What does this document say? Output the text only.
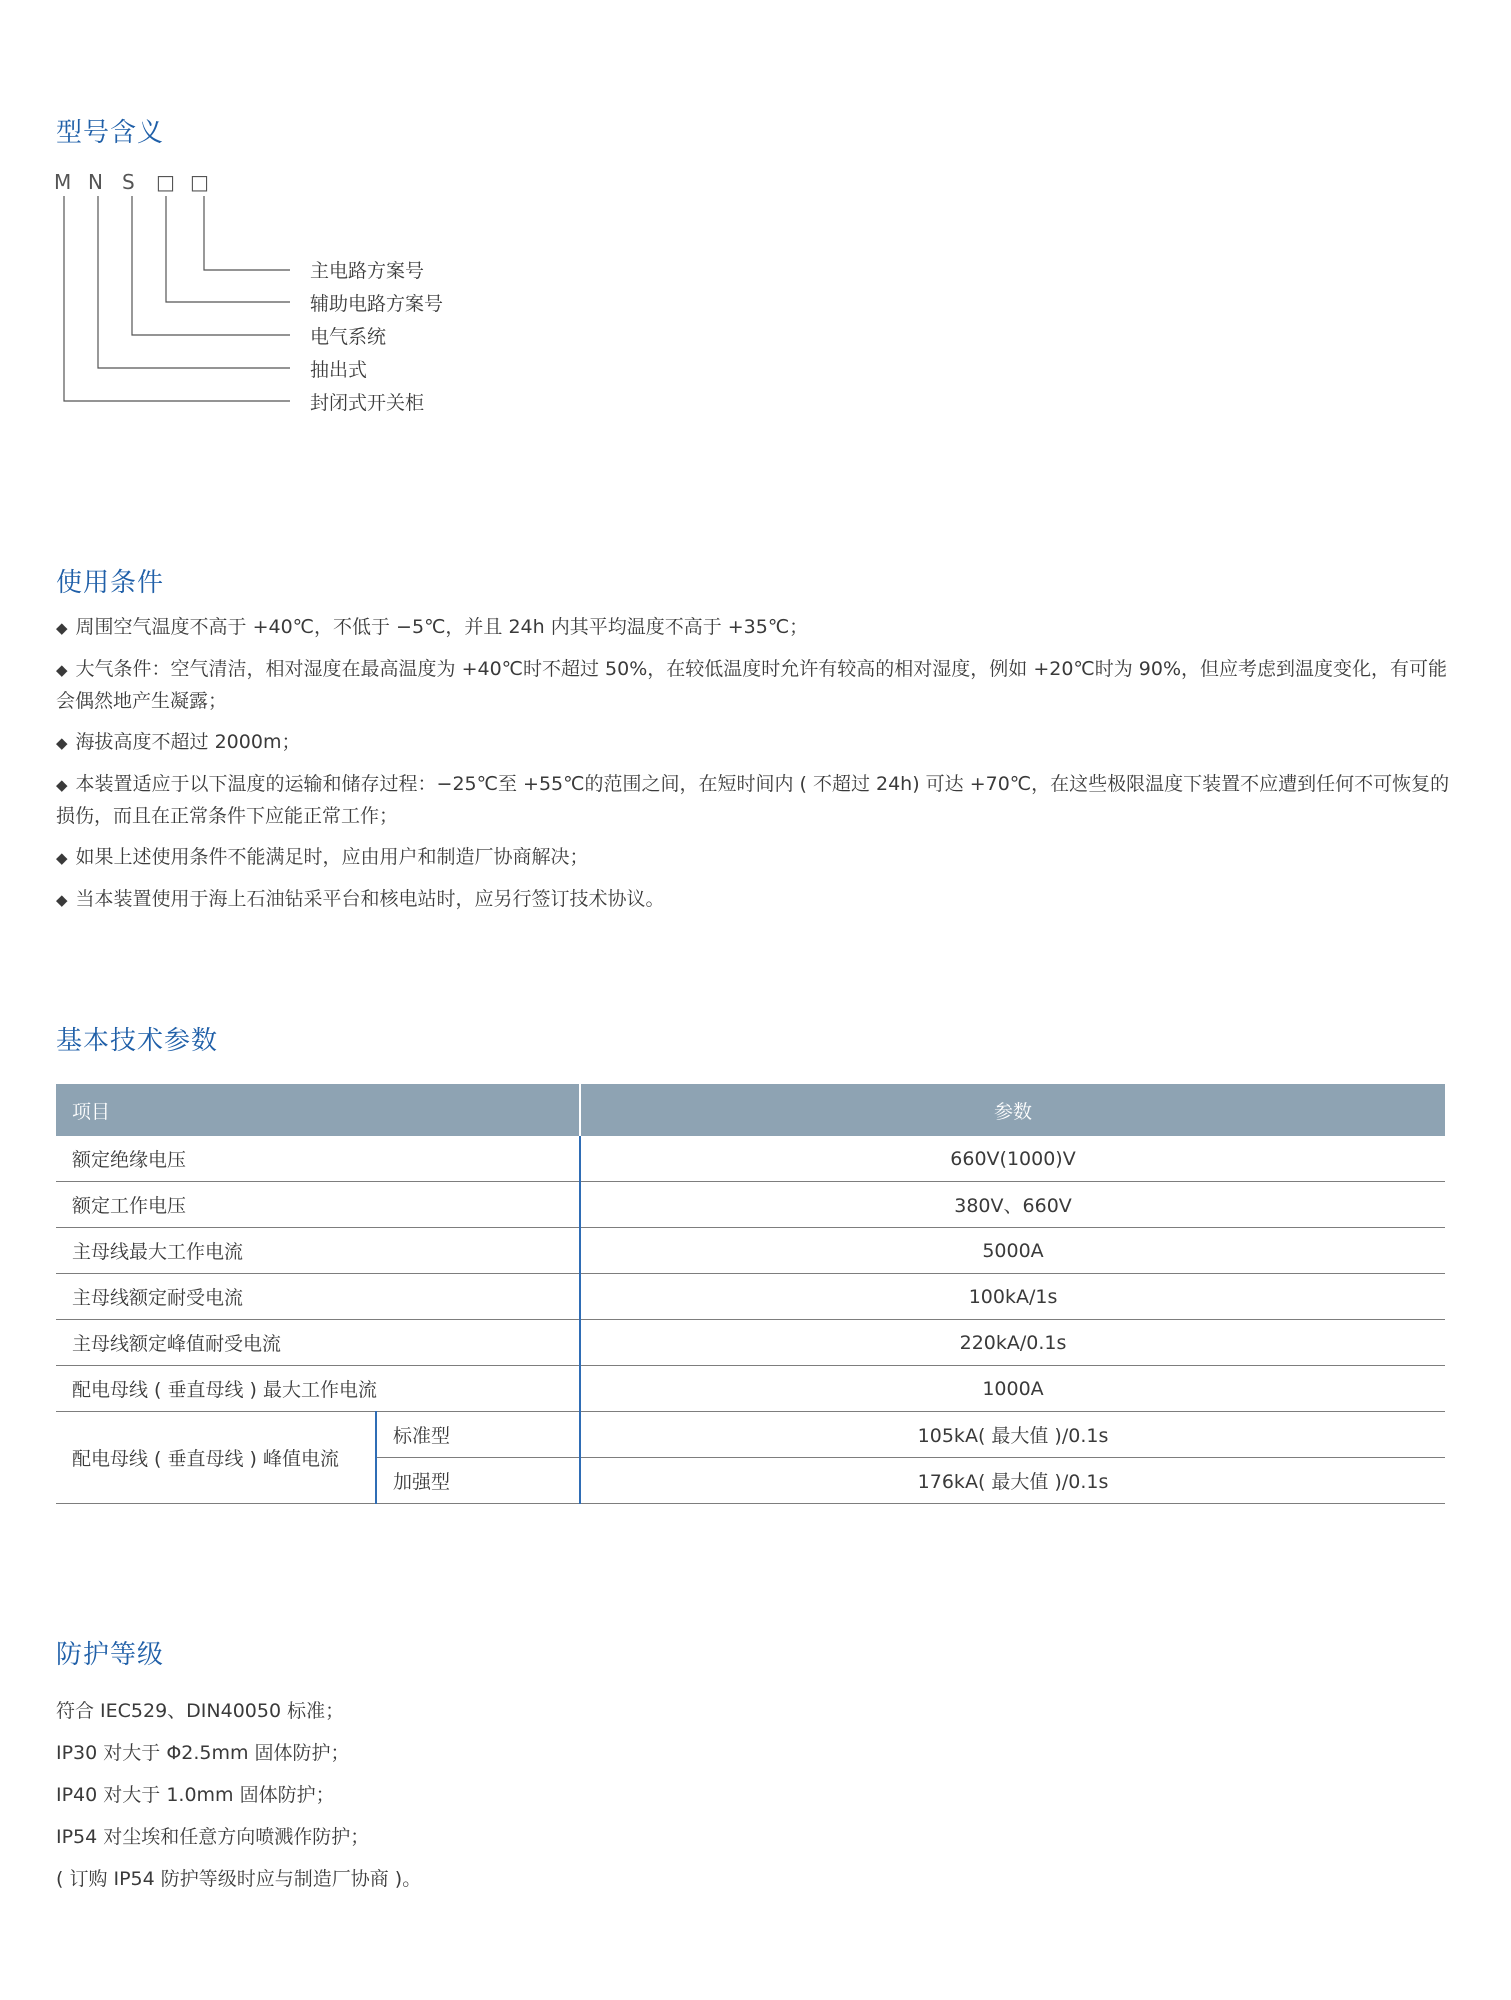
型号含义
M N S □ □
主电路方案号
辅助电路方案号
电气系统
抽出式
封闭式开关柜
使用条件
◆ 周围空气温度不高于 +40℃，不低于 −5℃，并且 24h 内其平均温度不高于 +35℃；
◆ 大气条件：空气清洁，相对湿度在最高温度为 +40℃时不超过 50%，在较低温度时允许有较高的相对湿度，例如 +20℃时为 90%，但应考虑到温度变化，有可能会偶然地产生凝露；
◆ 海拔高度不超过 2000m；
◆ 本装置适应于以下温度的运输和储存过程：−25℃至 +55℃的范围之间，在短时间内 ( 不超过 24h) 可达 +70℃，在这些极限温度下装置不应遭到任何不可恢复的损伤，而且在正常条件下应能正常工作；
◆ 如果上述使用条件不能满足时，应由用户和制造厂协商解决；
◆ 当本装置使用于海上石油钻采平台和核电站时，应另行签订技术协议。
基本技术参数
项目		参数
额定绝缘电压		660V(1000)V
额定工作电压		380V、660V
主母线最大工作电流		5000A
主母线额定耐受电流		100kA/1s
主母线额定峰值耐受电流		220kA/0.1s
配电母线 ( 垂直母线 ) 最大工作电流		1000A
配电母线 ( 垂直母线 ) 峰值电流	标准型	105kA( 最大值 )/0.1s
	加强型	176kA( 最大值 )/0.1s
防护等级
符合 IEC529、DIN40050 标准；
IP30 对大于 Φ2.5mm 固体防护；
IP40 对大于 1.0mm 固体防护；
IP54 对尘埃和任意方向喷溅作防护；
( 订购 IP54 防护等级时应与制造厂协商 )。
